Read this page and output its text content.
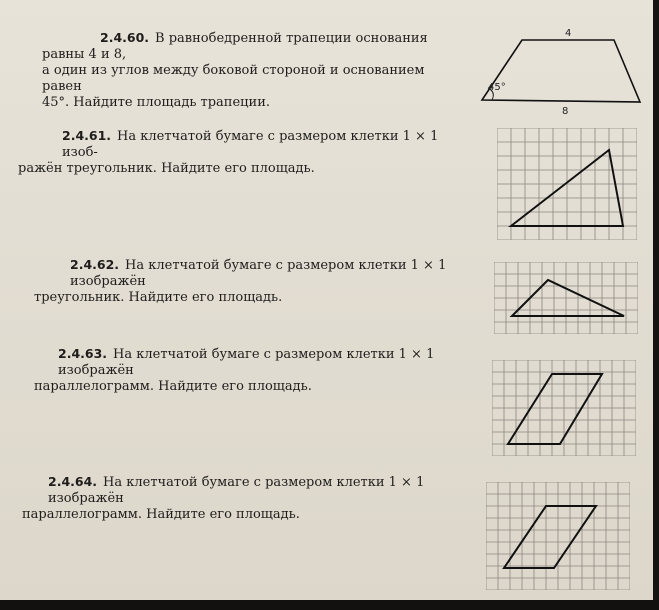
2.4.60. В равнобедренной трапеции основания равны 4 и 8,
а один из углов между боковой стороной и основанием равен
45°. Найдите площадь трапеции.
4
8
45°
2.4.61. На клетчатой бумаге с размером клетки 1 × 1 изоб-
ражён треугольник. Найдите его площадь.
2.4.62. На клетчатой бумаге с размером клетки 1 × 1 изображён
треугольник. Найдите его площадь.
2.4.63. На клетчатой бумаге с размером клетки 1 × 1 изображён
параллелограмм. Найдите его площадь.
2.4.64. На клетчатой бумаге с размером клетки 1 × 1 изображён
параллелограмм. Найдите его площадь.
